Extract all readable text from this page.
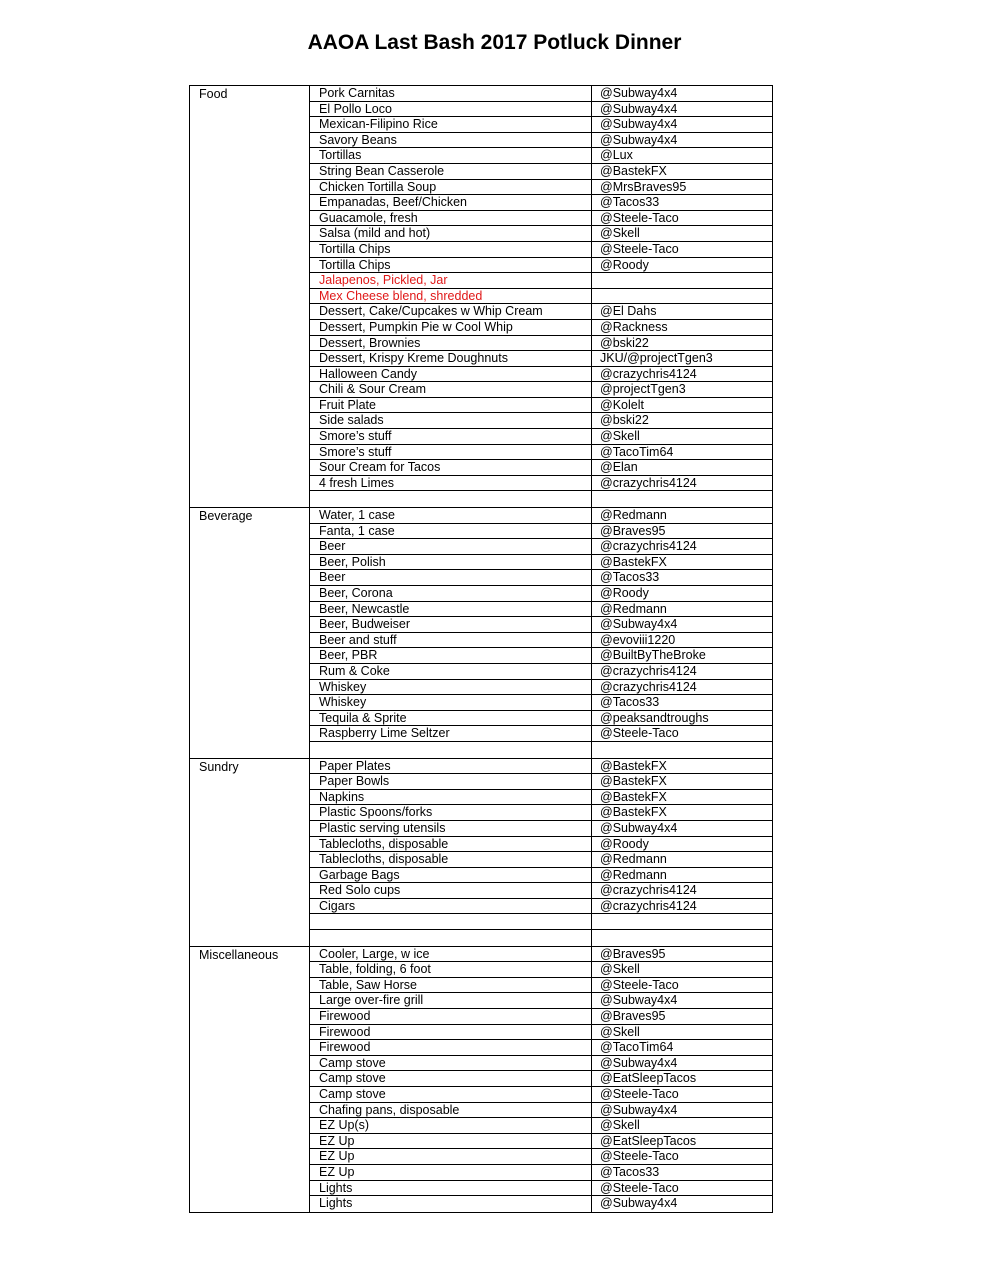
AAOA Last Bash 2017 Potluck Dinner
Food	Pork Carnitas	@Subway4x4
El Pollo Loco	@Subway4x4
Mexican-Filipino Rice	@Subway4x4
Savory Beans	@Subway4x4
Tortillas	@Lux
String Bean Casserole	@BastekFX
Chicken Tortilla Soup	@MrsBraves95
Empanadas, Beef/Chicken	@Tacos33
Guacamole, fresh	@Steele-Taco
Salsa (mild and hot)	@Skell
Tortilla Chips	@Steele-Taco
Tortilla Chips	@Roody
Jalapenos, Pickled, Jar
Mex Cheese blend, shredded
Dessert, Cake/Cupcakes w Whip Cream	@El Dahs
Dessert, Pumpkin Pie w Cool Whip	@Rackness
Dessert, Brownies	@bski22
Dessert, Krispy Kreme Doughnuts	JKU/@projectTgen3
Halloween Candy	@crazychris4124
Chili & Sour Cream	@projectTgen3
Fruit Plate	@Kolelt
Side salads	@bski22
Smore’s stuff	@Skell
Smore’s stuff	@TacoTim64
Sour Cream for Tacos	@Elan
4 fresh Limes	@crazychris4124
Beverage	Water, 1 case	@Redmann
Fanta, 1 case	@Braves95
Beer	@crazychris4124
Beer, Polish	@BastekFX
Beer	@Tacos33
Beer, Corona	@Roody
Beer, Newcastle	@Redmann
Beer, Budweiser	@Subway4x4
Beer and stuff	@evoviii1220
Beer, PBR	@BuiltByTheBroke
Rum & Coke	@crazychris4124
Whiskey	@crazychris4124
Whiskey	@Tacos33
Tequila & Sprite	@peaksandtroughs
Raspberry Lime Seltzer	@Steele-Taco
Sundry	Paper Plates	@BastekFX
Paper Bowls	@BastekFX
Napkins	@BastekFX
Plastic Spoons/forks	@BastekFX
Plastic serving utensils	@Subway4x4
Tablecloths, disposable	@Roody
Tablecloths, disposable	@Redmann
Garbage Bags	@Redmann
Red Solo cups	@crazychris4124
Cigars	@crazychris4124
Miscellaneous	Cooler, Large, w ice	@Braves95
Table, folding, 6 foot	@Skell
Table, Saw Horse	@Steele-Taco
Large over-fire grill	@Subway4x4
Firewood	@Braves95
Firewood	@Skell
Firewood	@TacoTim64
Camp stove	@Subway4x4
Camp stove	@EatSleepTacos
Camp stove	@Steele-Taco
Chafing pans, disposable	@Subway4x4
EZ Up(s)	@Skell
EZ Up	@EatSleepTacos
EZ Up	@Steele-Taco
EZ Up	@Tacos33
Lights	@Steele-Taco
Lights	@Subway4x4
